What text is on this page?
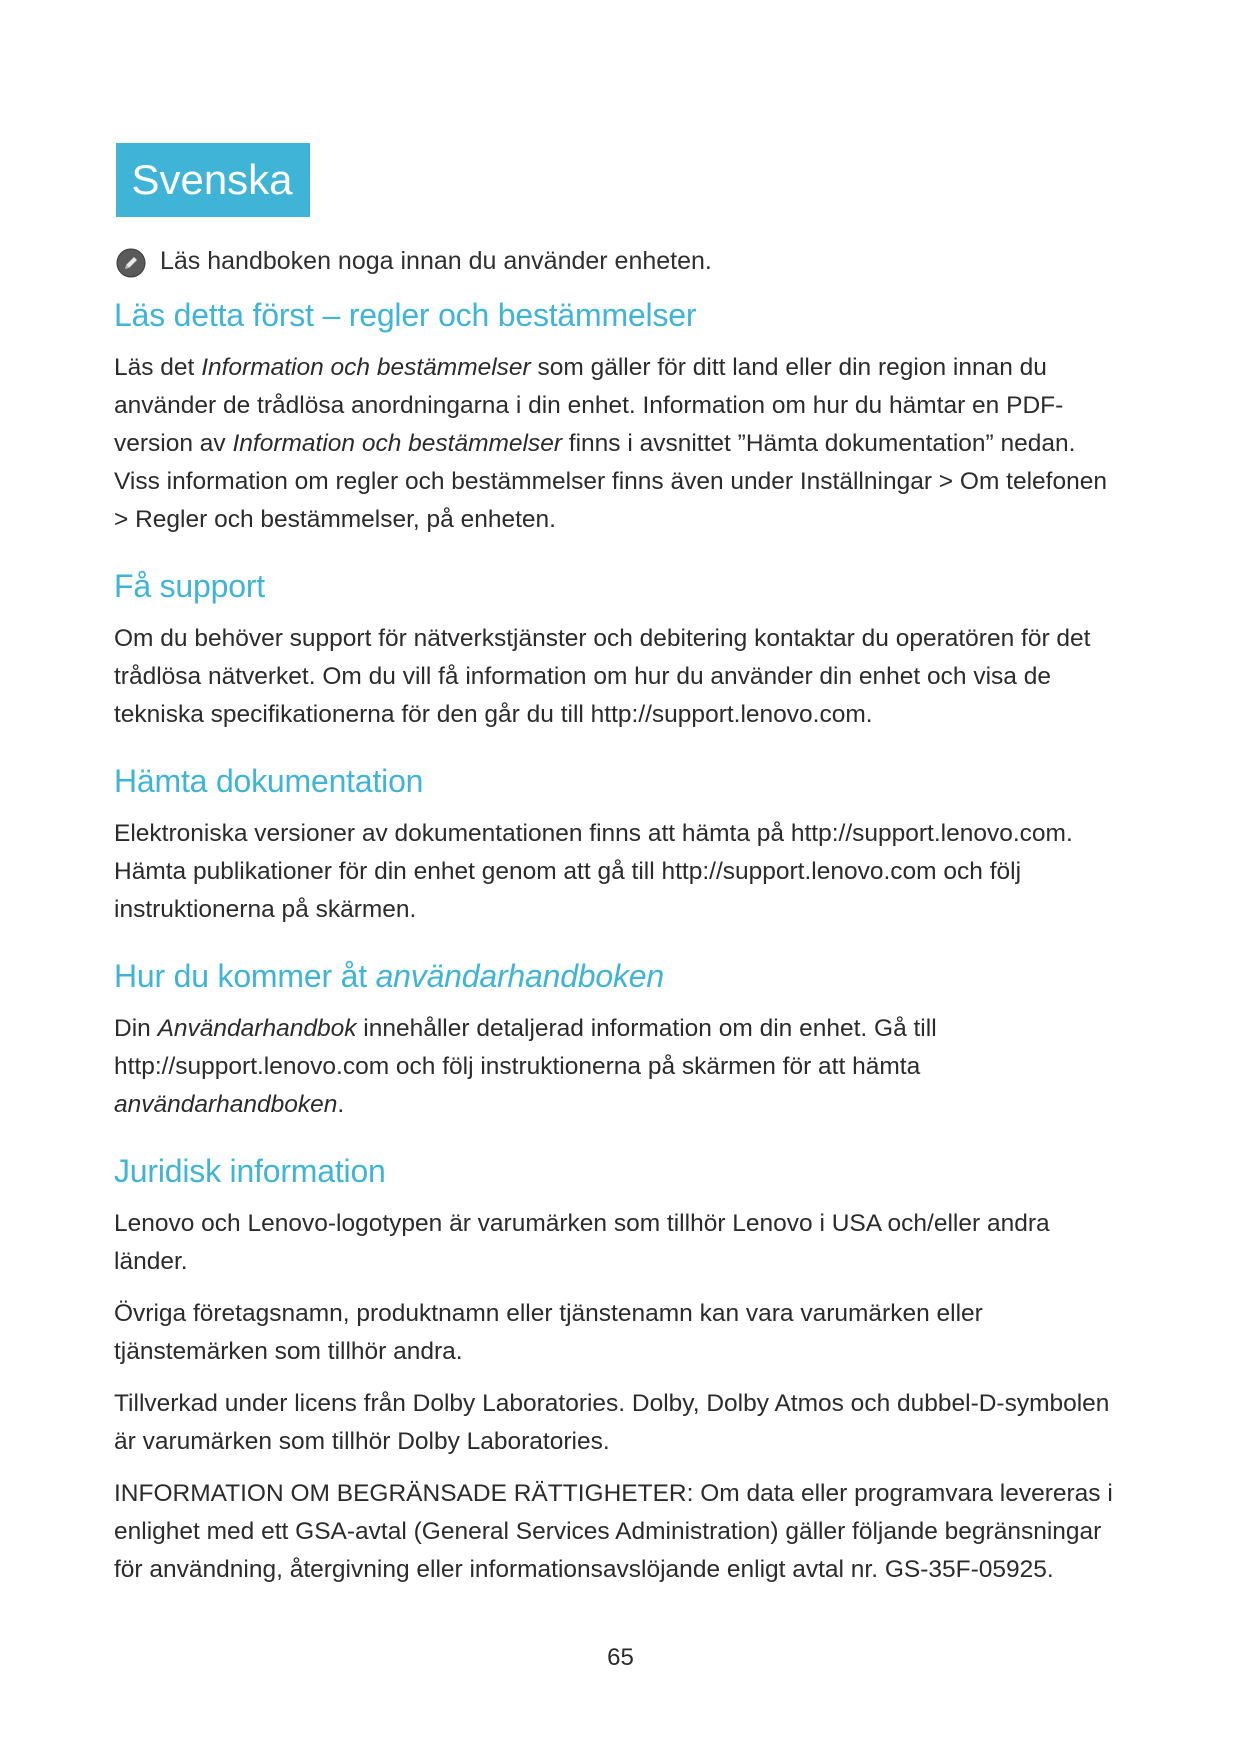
Svenska
Läs handboken noga innan du använder enheten.
Läs detta först – regler och bestämmelser

Läs det Information och bestämmelser som gäller för ditt land eller din region innan du använder de trådlösa anordningarna i din enhet. Information om hur du hämtar en PDF-version av Information och bestämmelser finns i avsnittet ”Hämta dokumentation” nedan. Viss information om regler och bestämmelser finns även under Inställningar > Om telefonen > Regler och bestämmelser, på enheten.

Få support

Om du behöver support för nätverkstjänster och debitering kontaktar du operatören för det trådlösa nätverket. Om du vill få information om hur du använder din enhet och visa de tekniska specifikationerna för den går du till http://support.lenovo.com.

Hämta dokumentation

Elektroniska versioner av dokumentationen finns att hämta på http://support.lenovo.com. Hämta publikationer för din enhet genom att gå till http://support.lenovo.com och följ instruktionerna på skärmen.

Hur du kommer åt användarhandboken

Din Användarhandbok innehåller detaljerad information om din enhet. Gå till http://support.lenovo.com och följ instruktionerna på skärmen för att hämta användarhandboken.

Juridisk information

Lenovo och Lenovo-logotypen är varumärken som tillhör Lenovo i USA och/eller andra länder.

Övriga företagsnamn, produktnamn eller tjänstenamn kan vara varumärken eller tjänstemärken som tillhör andra.

Tillverkad under licens från Dolby Laboratories. Dolby, Dolby Atmos och dubbel-D-symbolen är varumärken som tillhör Dolby Laboratories.

INFORMATION OM BEGRÄNSADE RÄTTIGHETER: Om data eller programvara levereras i enlighet med ett GSA-avtal (General Services Administration) gäller följande begränsningar för användning, återgivning eller informationsavslöjande enligt avtal nr. GS-35F-05925.

65
